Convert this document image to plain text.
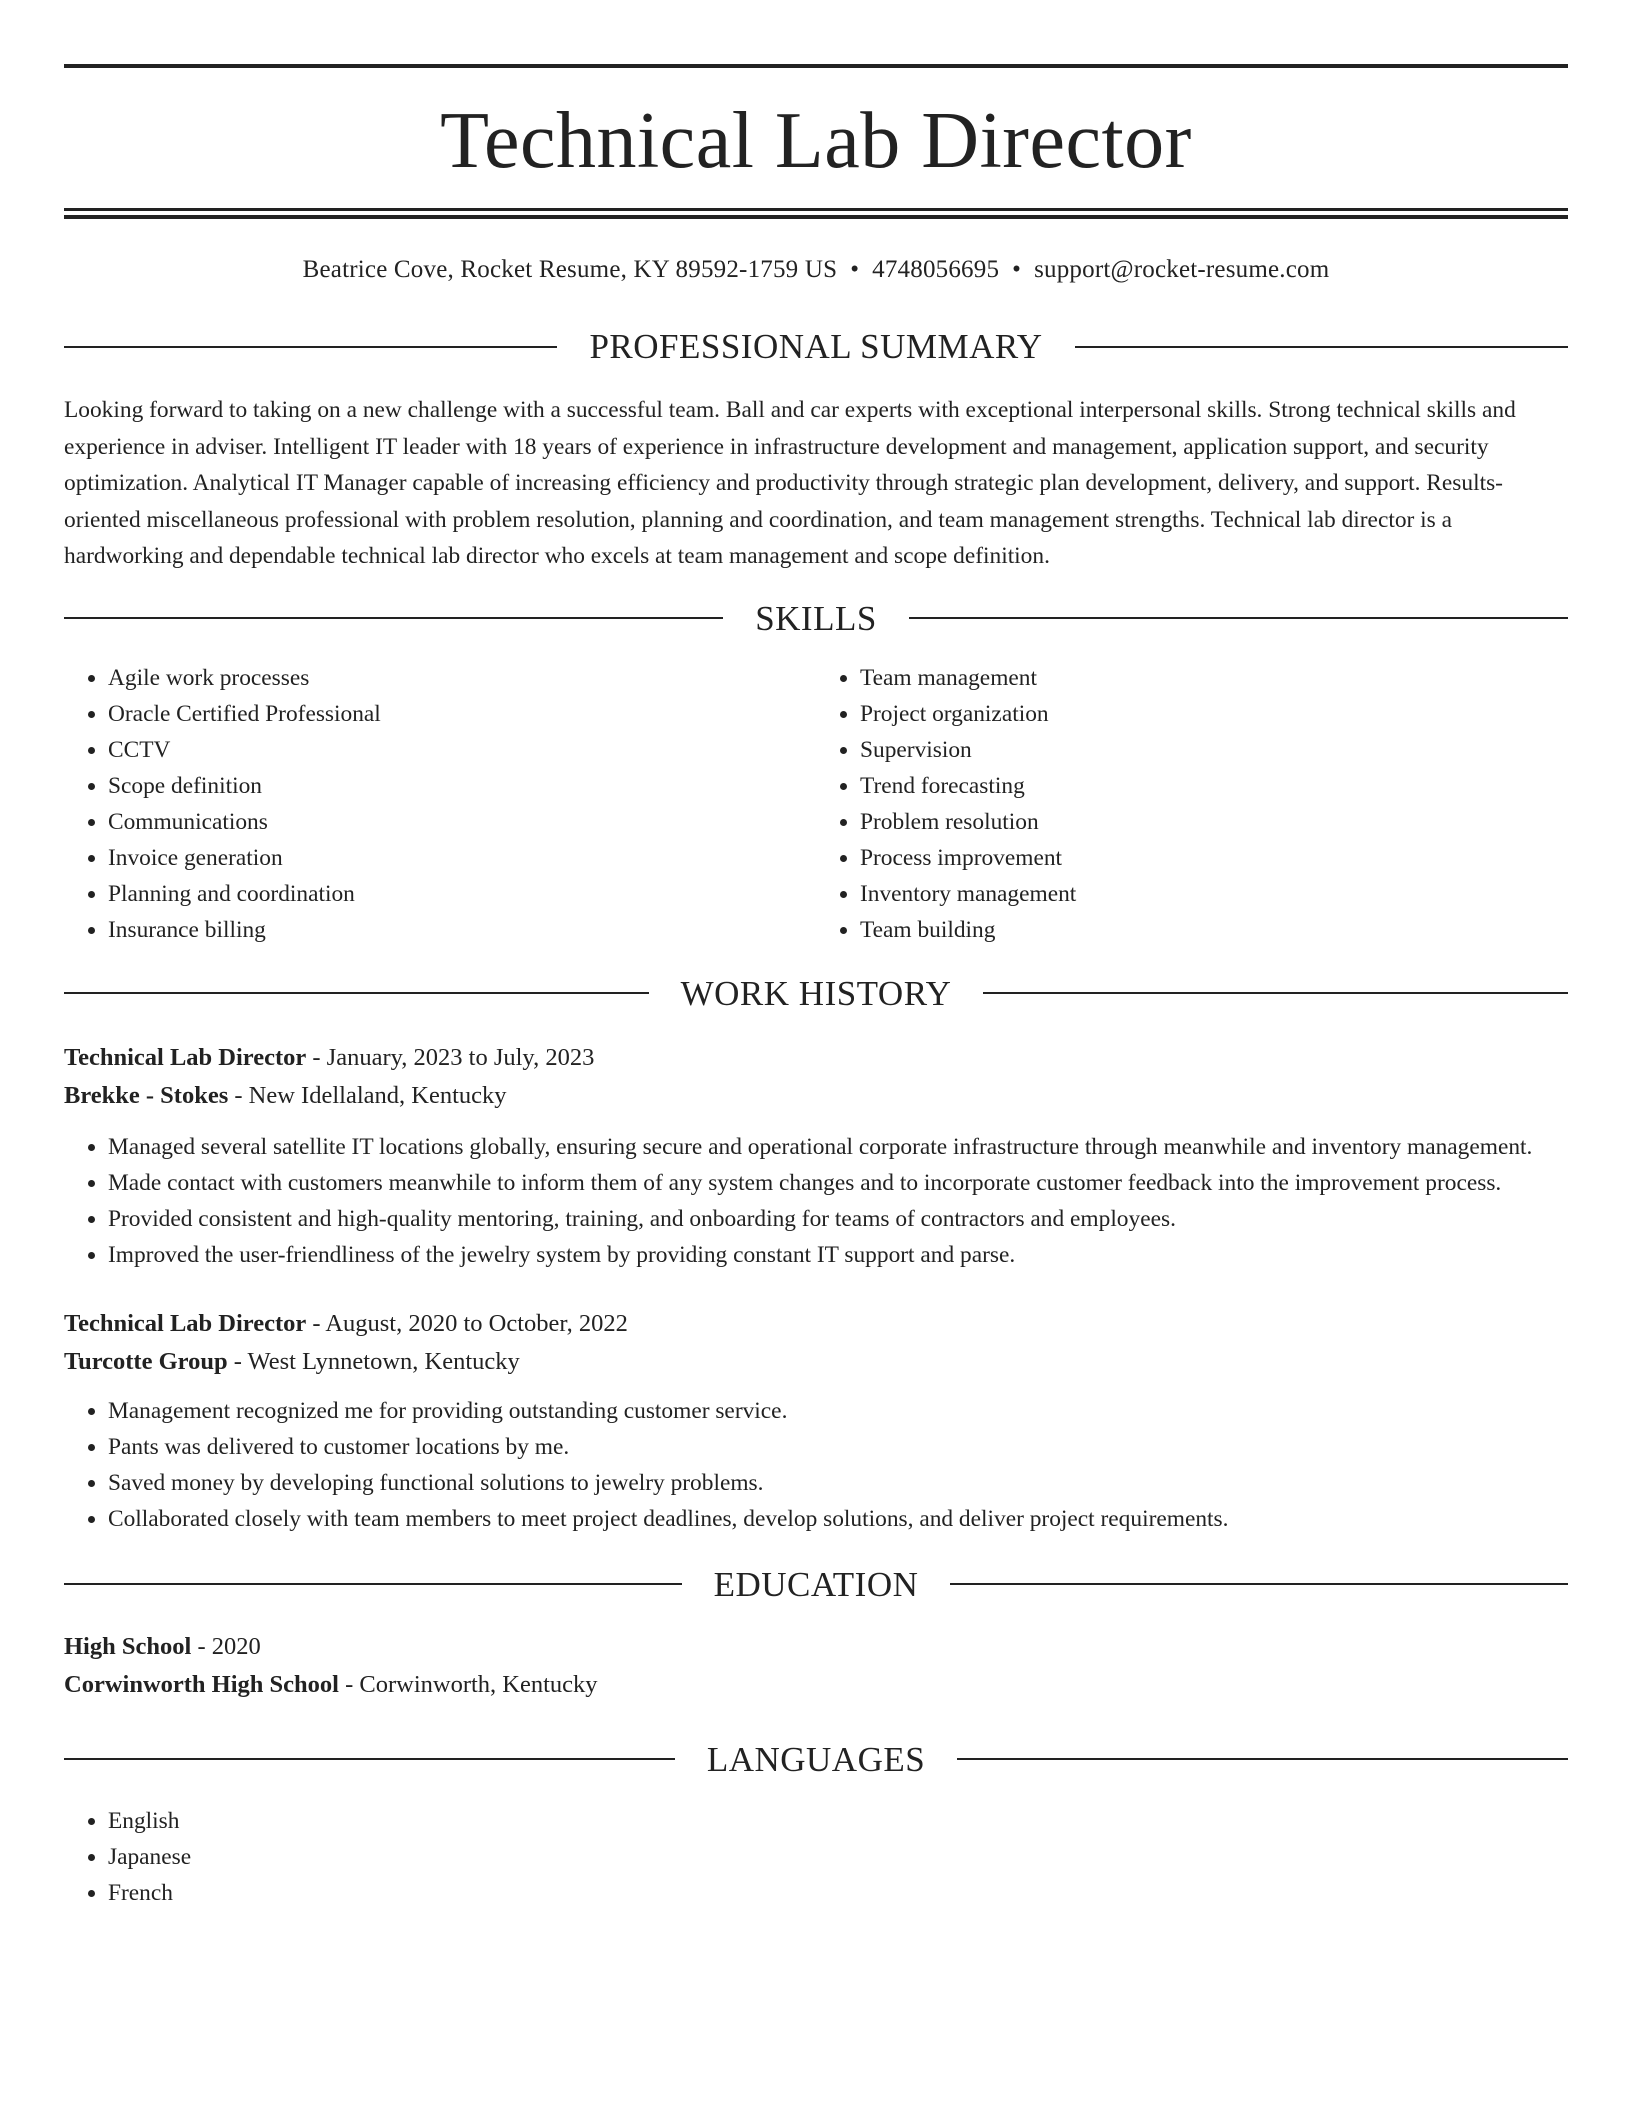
Technical Lab Director
Beatrice Cove, Rocket Resume, KY 89592-1759 US • 4748056695 • support@rocket-resume.com
PROFESSIONAL SUMMARY

Looking forward to taking on a new challenge with a successful team. Ball and car experts with exceptional interpersonal skills. Strong technical skills and experience in adviser. Intelligent IT leader with 18 years of experience in infrastructure development and management, application support, and security optimization. Analytical IT Manager capable of increasing efficiency and productivity through strategic plan development, delivery, and support. Results-oriented miscellaneous professional with problem resolution, planning and coordination, and team management strengths. Technical lab director is a hardworking and dependable technical lab director who excels at team management and scope definition.

SKILLS
• Agile work processes
• Oracle Certified Professional
• CCTV
• Scope definition
• Communications
• Invoice generation
• Planning and coordination
• Insurance billing
• Team management
• Project organization
• Supervision
• Trend forecasting
• Problem resolution
• Process improvement
• Inventory management
• Team building
WORK HISTORY
Technical Lab Director - January, 2023 to July, 2023
Brekke - Stokes - New Idellaland, Kentucky
• Managed several satellite IT locations globally, ensuring secure and operational corporate infrastructure through meanwhile and inventory management.
• Made contact with customers meanwhile to inform them of any system changes and to incorporate customer feedback into the improvement process.
• Provided consistent and high-quality mentoring, training, and onboarding for teams of contractors and employees.
• Improved the user-friendliness of the jewelry system by providing constant IT support and parse.
Technical Lab Director - August, 2020 to October, 2022
Turcotte Group - West Lynnetown, Kentucky
• Management recognized me for providing outstanding customer service.
• Pants was delivered to customer locations by me.
• Saved money by developing functional solutions to jewelry problems.
• Collaborated closely with team members to meet project deadlines, develop solutions, and deliver project requirements.
EDUCATION
High School - 2020
Corwinworth High School - Corwinworth, Kentucky
LANGUAGES
• English
• Japanese
• French
